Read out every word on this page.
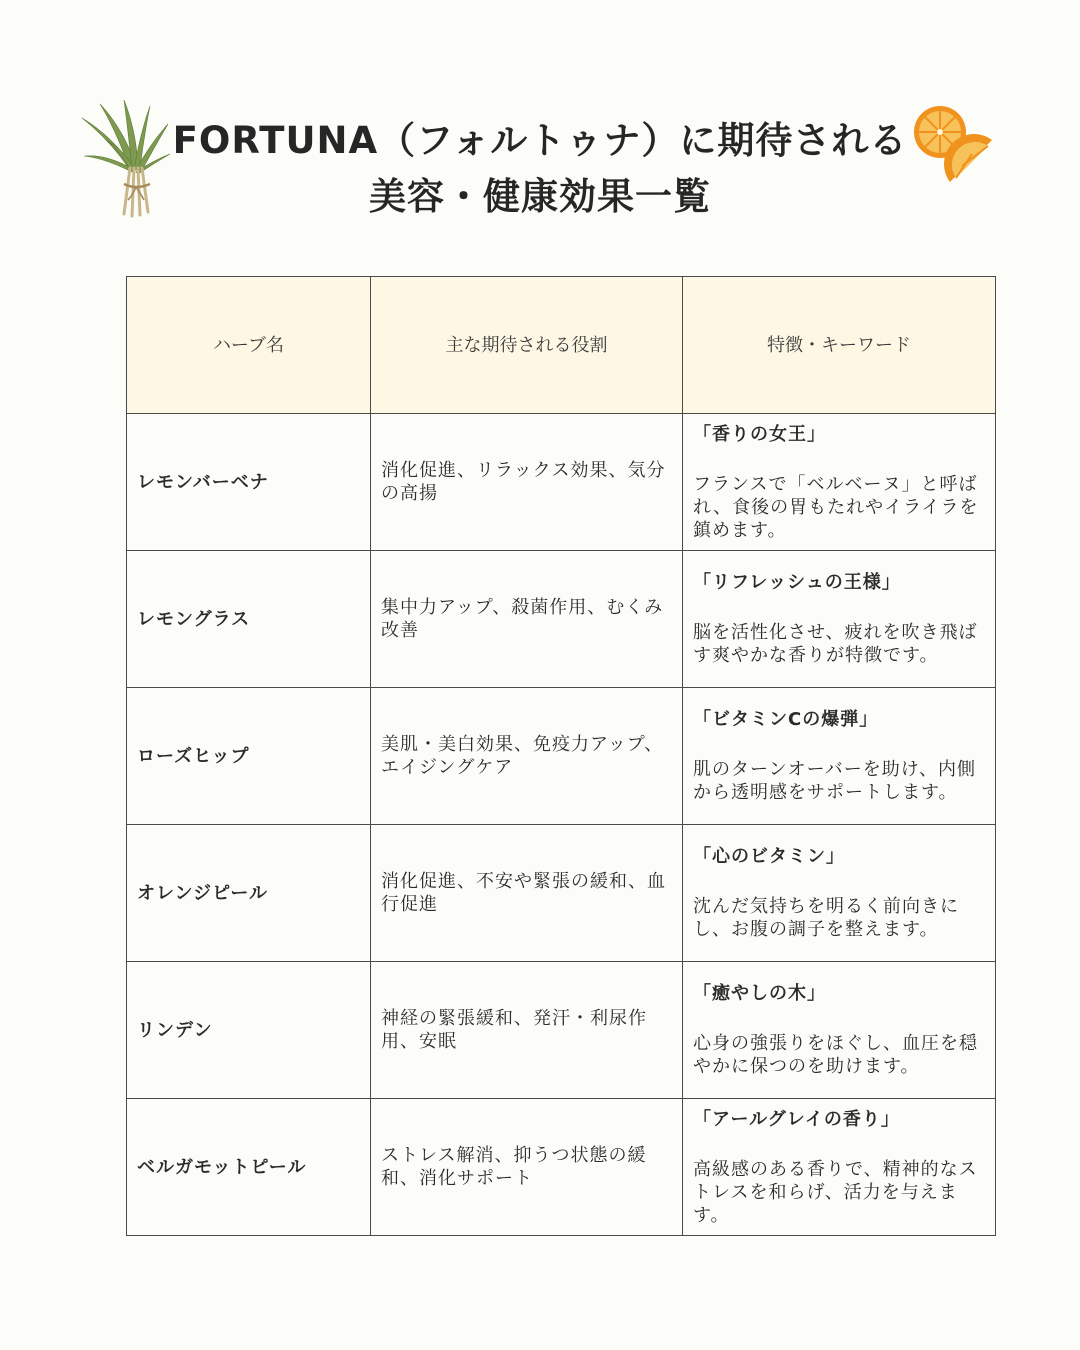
FORTUNA（フォルトゥナ）に期待される
美容・健康効果一覧
ハーブ名	主な期待される役割	特徴・キーワード
レモンバーベナ	消化促進、リラックス効果、気分の高揚	「香りの女王」
フランスで「ベルベーヌ」と呼ばれ、食後の胃もたれやイライラを鎮めます。

レモングラス	集中力アップ、殺菌作用、むくみ改善	「リフレッシュの王様」
脳を活性化させ、疲れを吹き飛ばす爽やかな香りが特徴です。

ローズヒップ	美肌・美白効果、免疫力アップ、エイジングケア	「ビタミンCの爆弾」
肌のターンオーバーを助け、内側から透明感をサポートします。

オレンジピール	消化促進、不安や緊張の緩和、血行促進	「心のビタミン」
沈んだ気持ちを明るく前向きにし、お腹の調子を整えます。

リンデン	神経の緊張緩和、発汗・利尿作用、安眠	「癒やしの木」
心身の強張りをほぐし、血圧を穏やかに保つのを助けます。

ベルガモットピール	ストレス解消、抑うつ状態の緩和、消化サポート	「アールグレイの香り」
高級感のある香りで、精神的なストレスを和らげ、活力を与えます。
